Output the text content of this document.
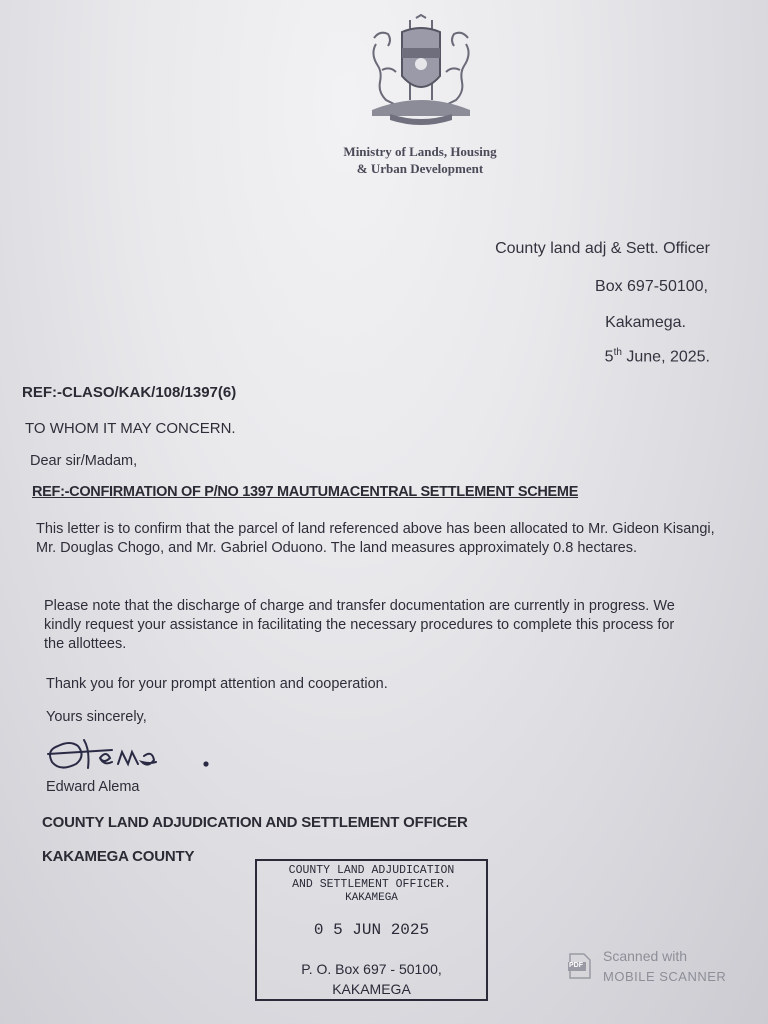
Ministry of Lands, Housing
& Urban Development
County land adj & Sett. Officer
Box 697-50100,
Kakamega.
5th June, 2025.
REF:-CLASO/KAK/108/1397(6)
TO WHOM IT MAY CONCERN.
Dear sir/Madam,
REF:-CONFIRMATION OF P/NO 1397 MAUTUMACENTRAL SETTLEMENT SCHEME
This letter is to confirm that the parcel of land referenced above has been allocated to Mr. Gideon Kisangi, Mr. Douglas Chogo, and Mr. Gabriel Oduono. The land measures approximately 0.8 hectares.
Please note that the discharge of charge and transfer documentation are currently in progress. We kindly request your assistance in facilitating the necessary procedures to complete this process for the allottees.
Thank you for your prompt attention and cooperation.
Yours sincerely,
Edward Alema
COUNTY LAND ADJUDICATION AND SETTLEMENT OFFICER
KAKAMEGA COUNTY
COUNTY LAND ADJUDICATION
AND SETTLEMENT OFFICER.
KAKAMEGA
0 5 JUN 2025
P. O. Box 697 - 50100,
KAKAMEGA
PDF
Scanned with
MOBILE SCANNER
